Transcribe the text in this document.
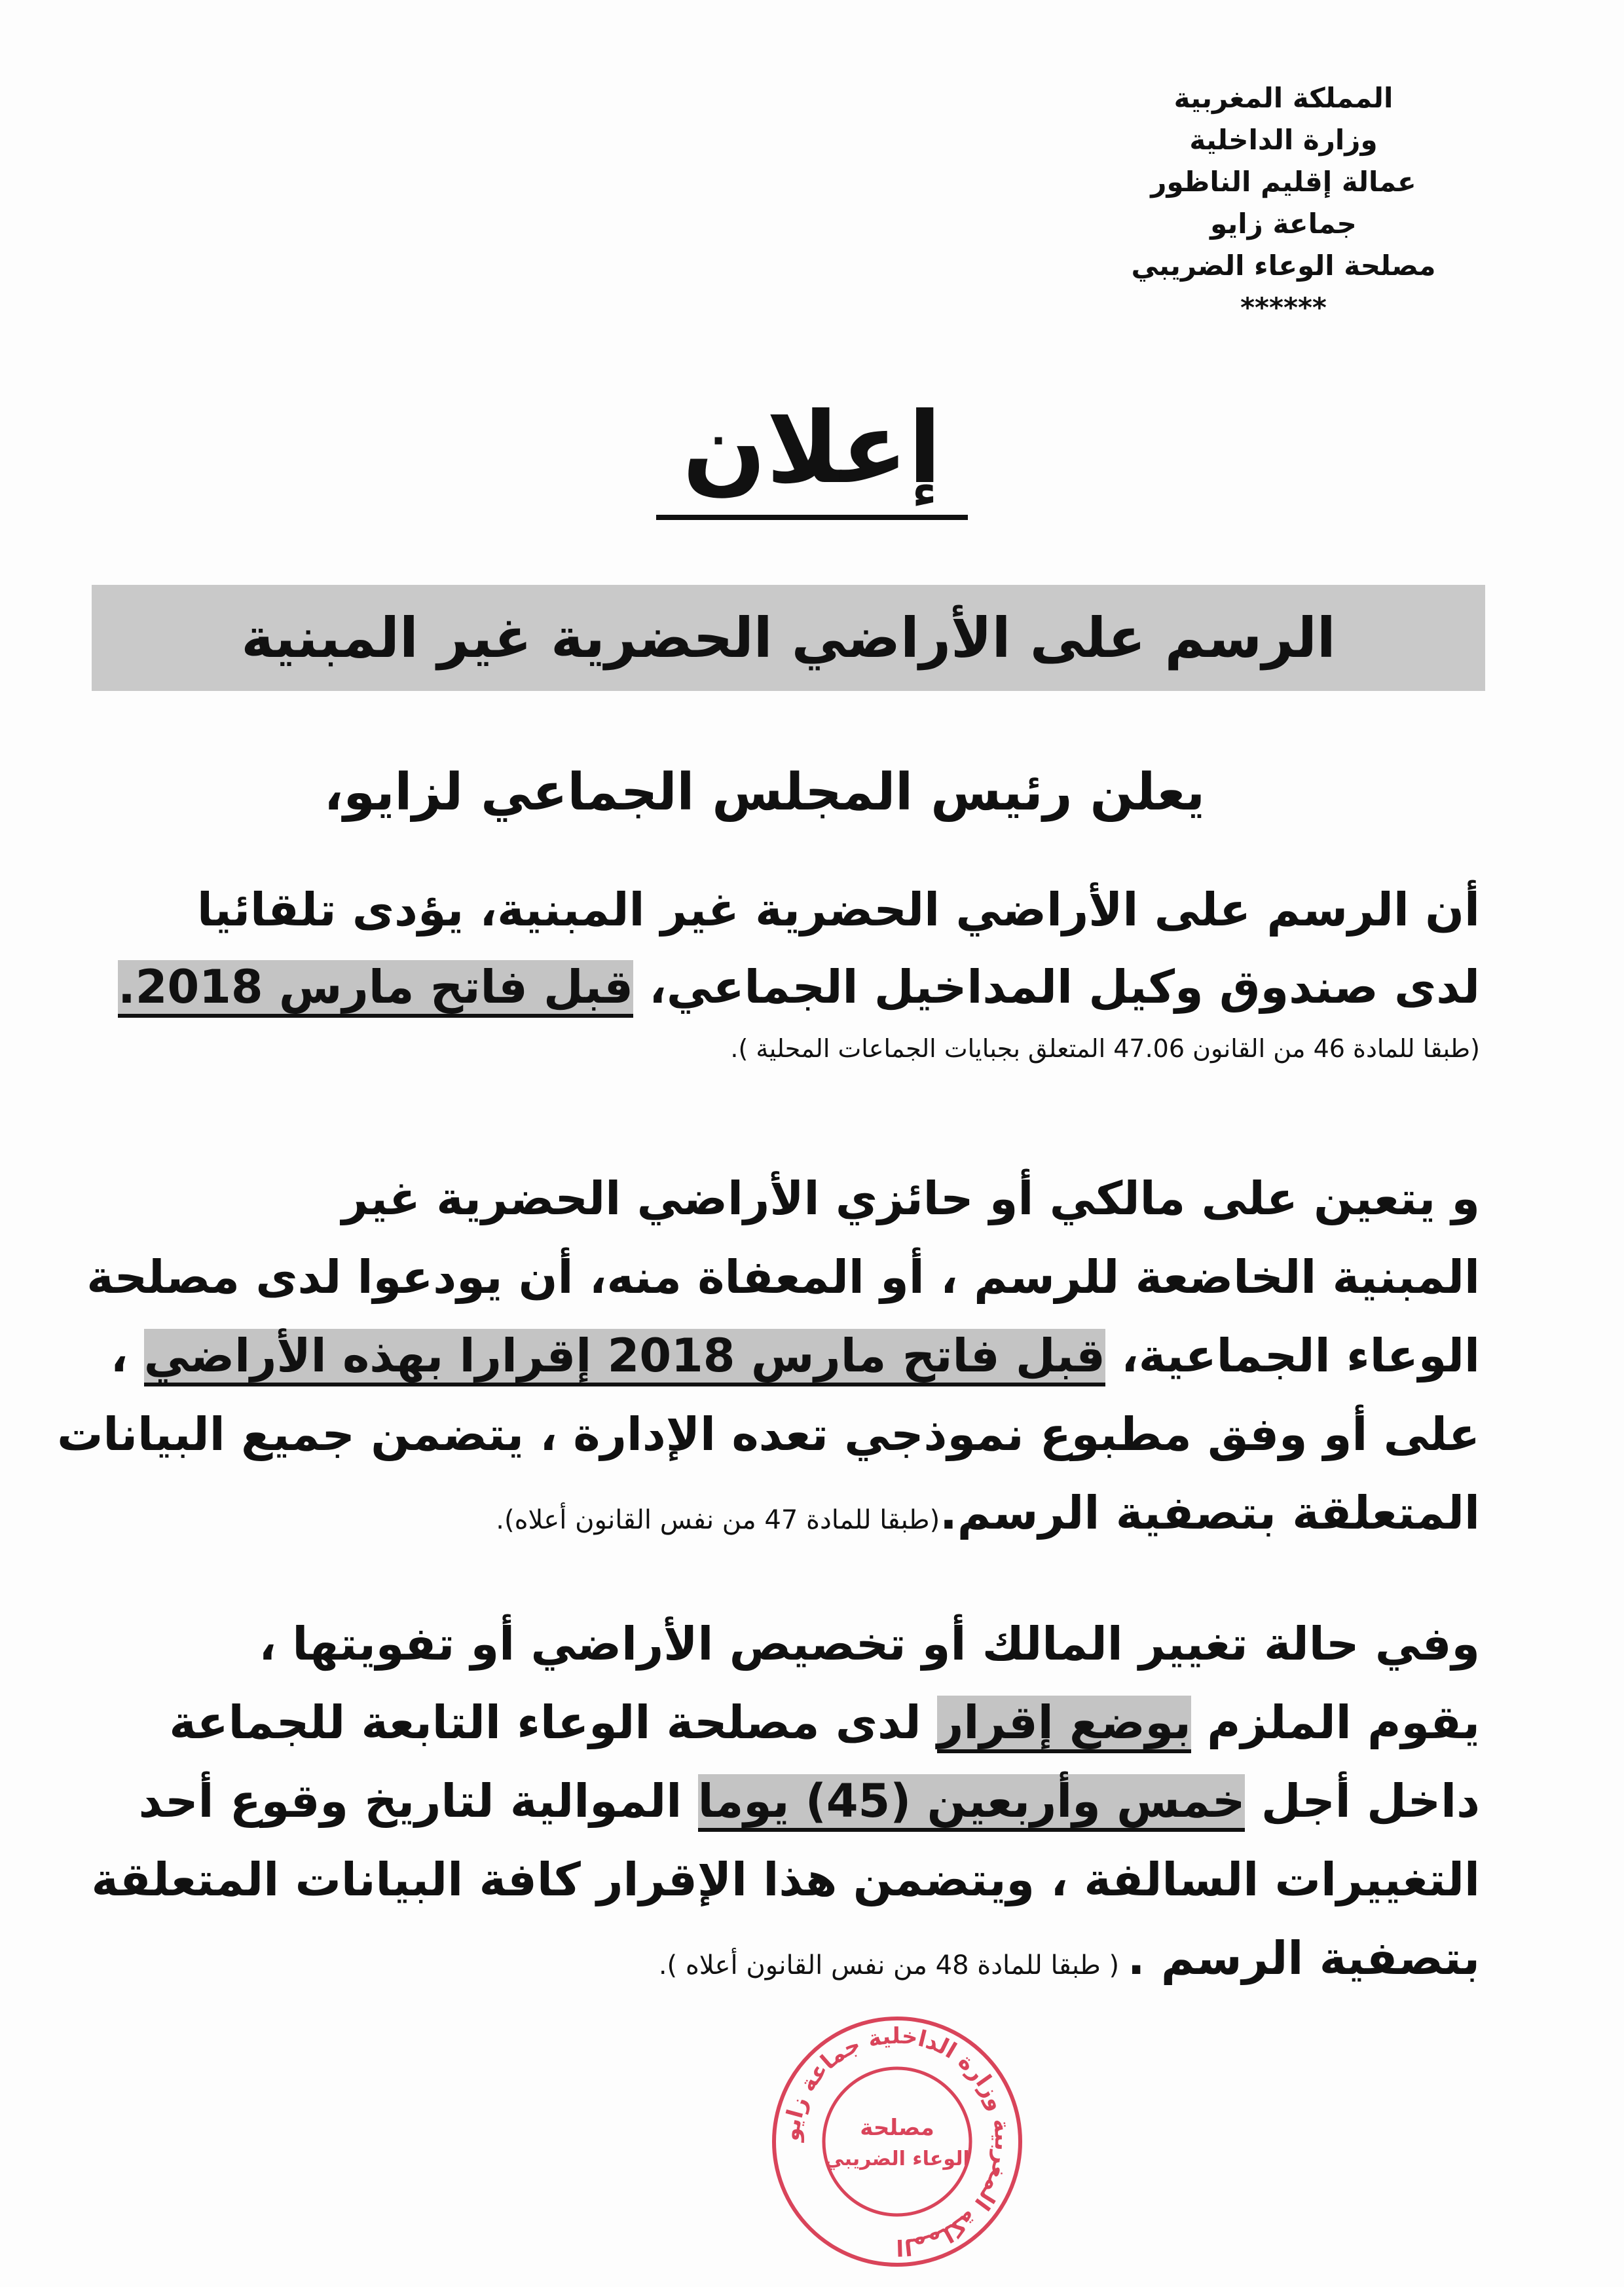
المملكة المغربية
وزارة الداخلية
عمالة إقليم الناظور
جماعة زايو
مصلحة الوعاء الضريبي
******
إعلان
الرسم على الأراضي الحضرية غير المبنية
يعلن رئيس المجلس الجماعي لزايو،
أن الرسم على الأراضي الحضرية غير المبنية، يؤدى تلقائيا
لدى صندوق وكيل المداخيل الجماعي، قبل فاتح مارس 2018.
(طبقا للمادة 46 من القانون 47.06 المتعلق بجبايات الجماعات المحلية ).
و يتعين على مالكي أو حائزي الأراضي الحضرية غير
المبنية الخاضعة للرسم ، أو المعفاة منه، أن يودعوا لدى مصلحة
الوعاء الجماعية، قبل فاتح مارس 2018 إقرارا بهذه الأراضي ،
على أو وفق مطبوع نموذجي تعده الإدارة ، يتضمن جميع البيانات
المتعلقة بتصفية الرسم.(طبقا للمادة 47 من نفس القانون أعلاه).
وفي حالة تغيير المالك أو تخصيص الأراضي أو تفويتها ،
يقوم الملزم بوضع إقرار لدى مصلحة الوعاء التابعة للجماعة
داخل أجل خمس وأربعين (45) يوما الموالية لتاريخ وقوع أحد
التغييرات السالفة ، ويتضمن هذا الإقرار كافة البيانات المتعلقة
بتصفية الرسم . ( طبقا للمادة 48 من نفس القانون أعلاه ).
المملكة المغربية وزارة الداخلية جماعة زايو
مصلحة
الوعاء الضريبي
